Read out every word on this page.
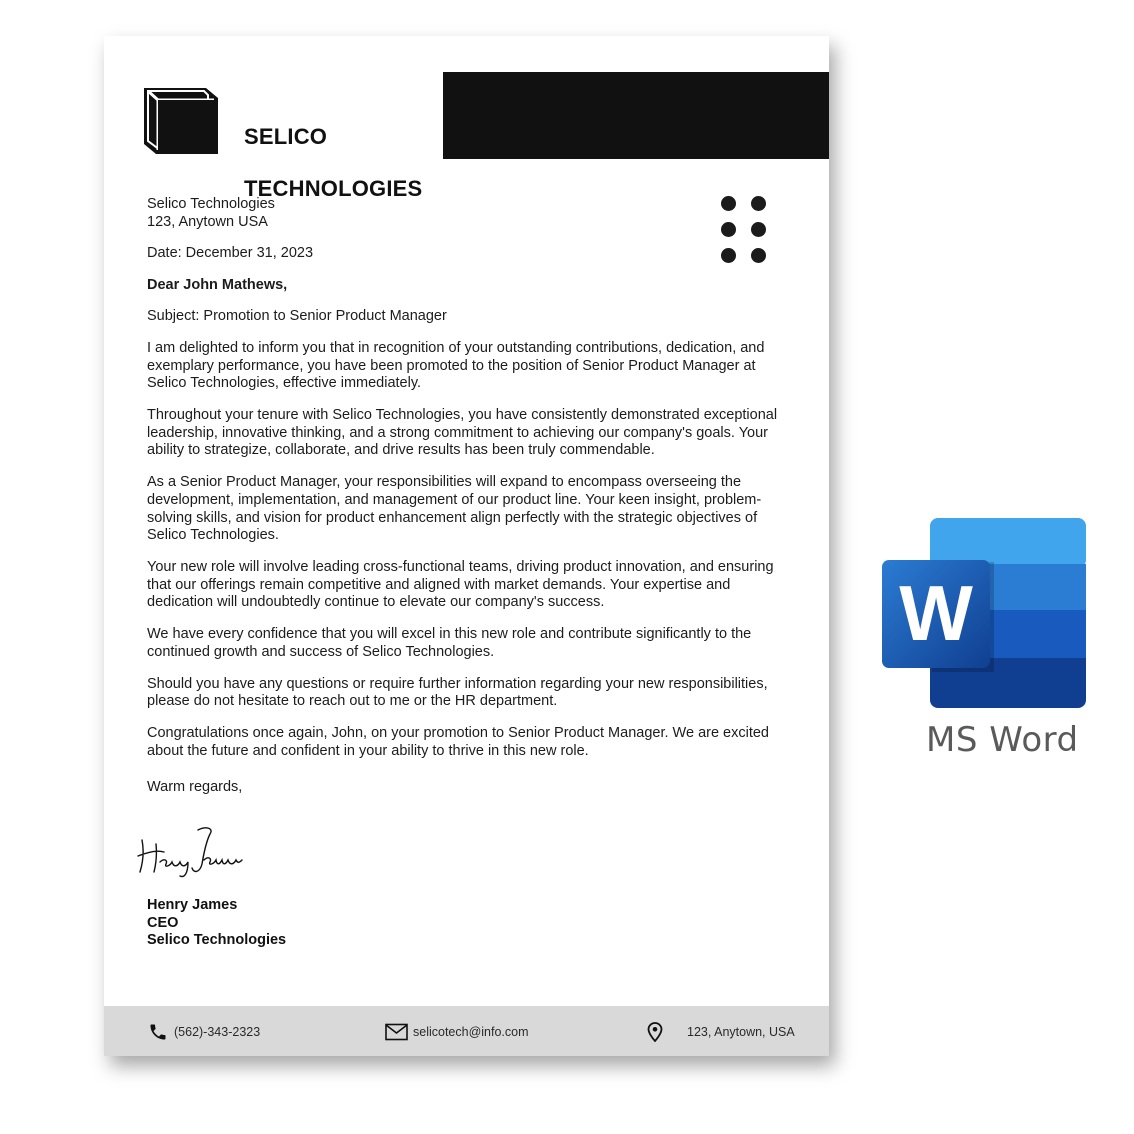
SELICO

TECHNOLOGIES

Selico Technologies

123, Anytown USA

Date: December 31, 2023

Dear John Mathews,

Subject: Promotion to Senior Product Manager

I am delighted to inform you that in recognition of your outstanding contributions, dedication, and exemplary performance, you have been promoted to the position of Senior Product Manager at Selico Technologies, effective immediately.

Throughout your tenure with Selico Technologies, you have consistently demonstrated exceptional leadership, innovative thinking, and a strong commitment to achieving our company's goals. Your ability to strategize, collaborate, and drive results has been truly commendable.

As a Senior Product Manager, your responsibilities will expand to encompass overseeing the development, implementation, and management of our product line. Your keen insight, problem-solving skills, and vision for product enhancement align perfectly with the strategic objectives of Selico Technologies.

Your new role will involve leading cross-functional teams, driving product innovation, and ensuring that our offerings remain competitive and aligned with market demands. Your expertise and dedication will undoubtedly continue to elevate our company's success.

We have every confidence that you will excel in this new role and contribute significantly to the continued growth and success of Selico Technologies.

Should you have any questions or require further information regarding your new responsibilities, please do not hesitate to reach out to me or the HR department.

Congratulations once again, John, on your promotion to Senior Product Manager. We are excited about the future and confident in your ability to thrive in this new role.

Warm regards,

Henry James
CEO
Selico Technologies
(562)-343-2323	selicotech@info.com	123, Anytown, USA
W
MS Word
